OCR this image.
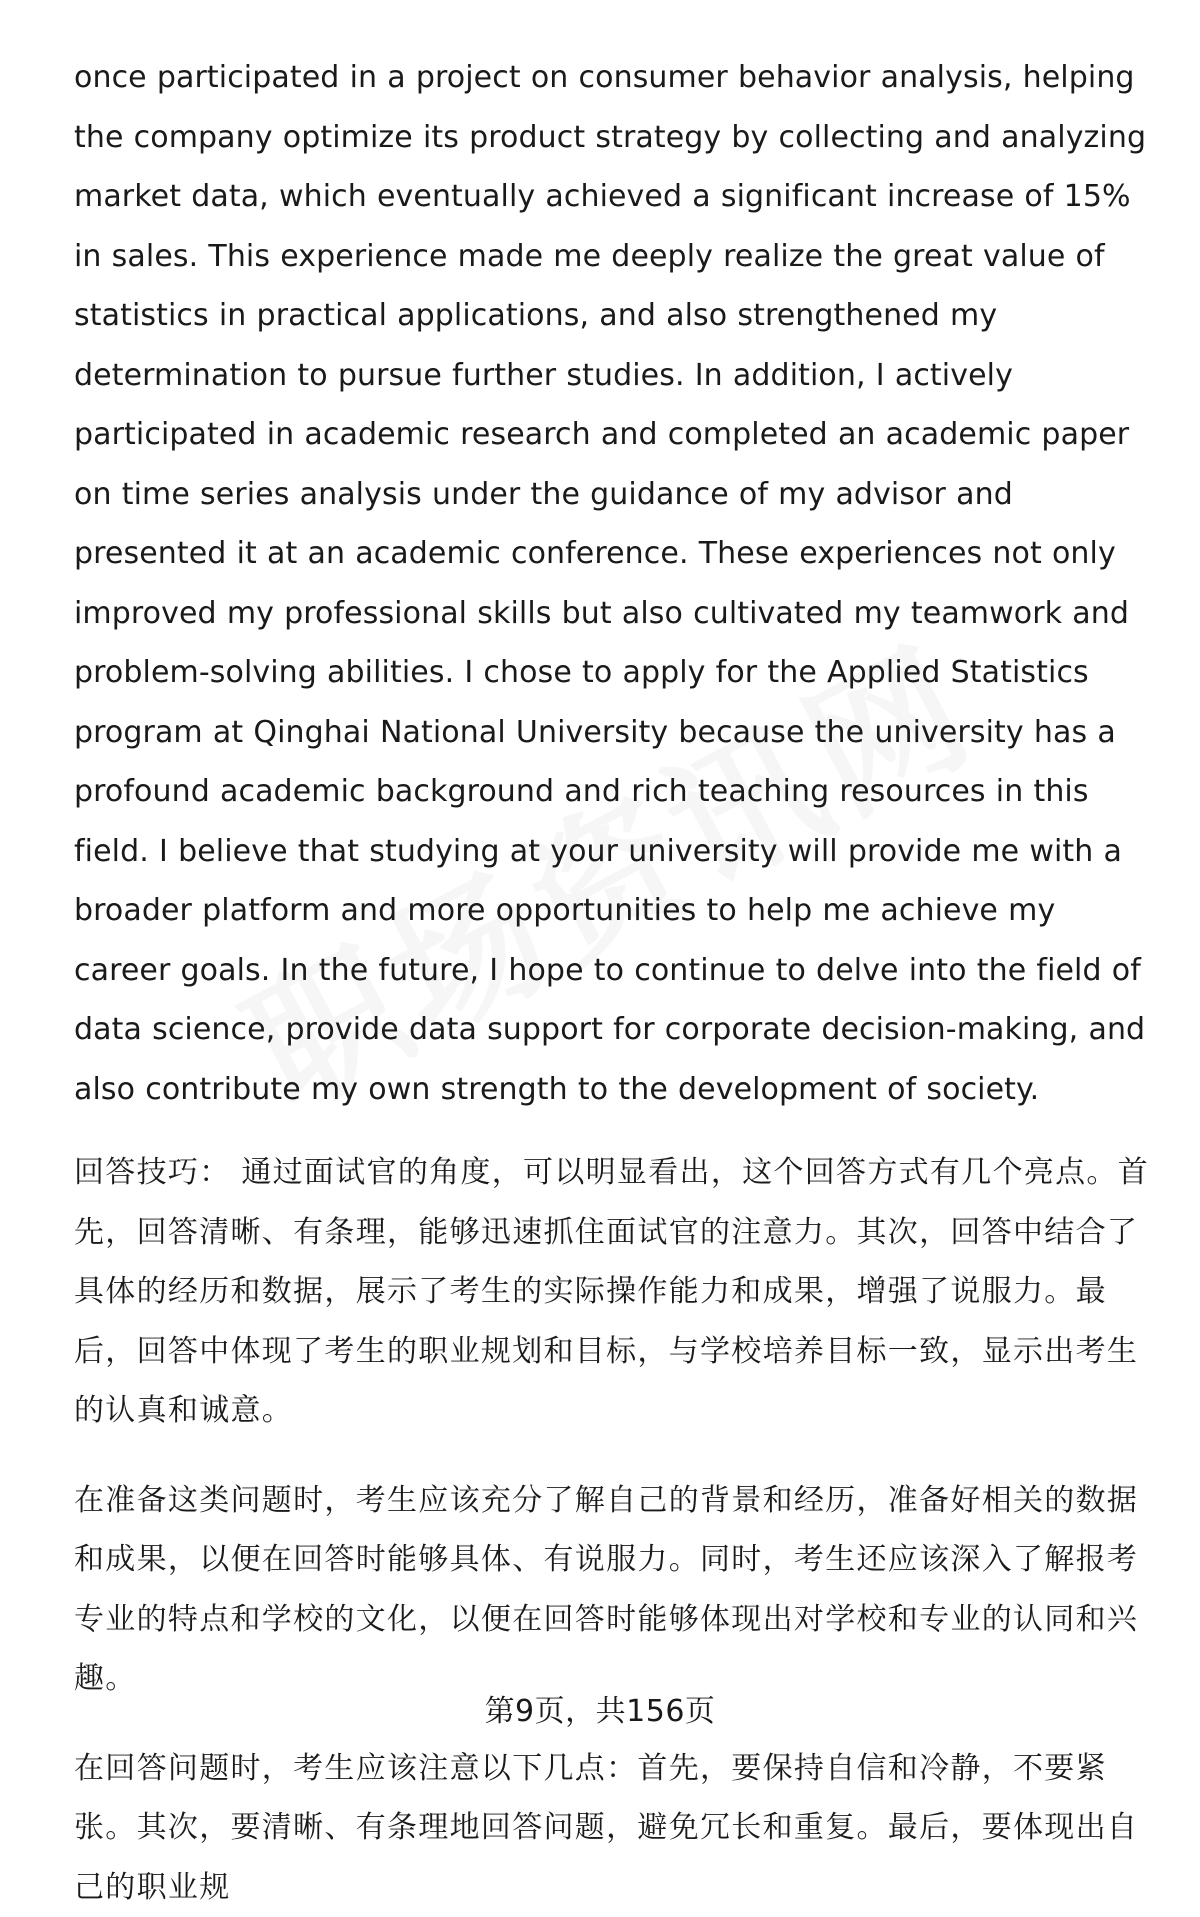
once participated in a project on consumer behavior analysis, helping the company optimize its product strategy by collecting and analyzing market data, which eventually achieved a significant increase of 15% in sales. This experience made me deeply realize the great value of statistics in practical applications, and also strengthened my determination to pursue further studies. In addition, I actively participated in academic research and completed an academic paper on time series analysis under the guidance of my advisor and presented it at an academic conference. These experiences not only improved my professional skills but also cultivated my teamwork and problem-solving abilities. I chose to apply for the Applied Statistics program at Qinghai National University because the university has a profound academic background and rich teaching resources in this field. I believe that studying at your university will provide me with a broader platform and more opportunities to help me achieve my career goals. In the future, I hope to continue to delve into the field of data science, provide data support for corporate decision-making, and also contribute my own strength to the development of society.

回答技巧： 通过面试官的角度，可以明显看出，这个回答方式有几个亮点。首先，回答清晰、有条理，能够迅速抓住面试官的注意力。其次，回答中结合了具体的经历和数据，展示了考生的实际操作能力和成果，增强了说服力。最后，回答中体现了考生的职业规划和目标，与学校培养目标一致，显示出考生的认真和诚意。

在准备这类问题时，考生应该充分了解自己的背景和经历，准备好相关的数据和成果，以便在回答时能够具体、有说服力。同时，考生还应该深入了解报考专业的特点和学校的文化，以便在回答时能够体现出对学校和专业的认同和兴趣。

在回答问题时，考生应该注意以下几点：首先，要保持自信和冷静，不要紧张。其次，要清晰、有条理地回答问题，避免冗长和重复。最后，要体现出自己的职业规

第9页，共156页
